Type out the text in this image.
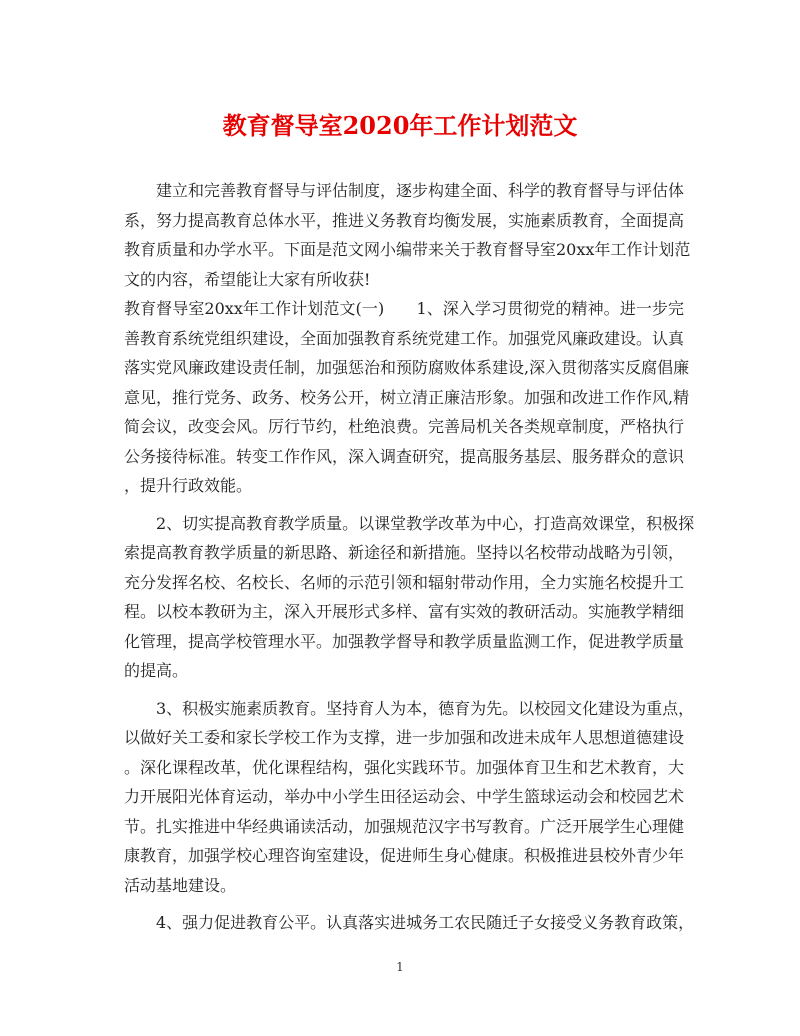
教育督导室2020年工作计划范文
建立和完善教育督导与评估制度，逐步构建全面、科学的教育督导与评估体
系，努力提高教育总体水平，推进义务教育均衡发展，实施素质教育，全面提高
教育质量和办学水平。下面是范文网小编带来关于教育督导室20xx年工作计划范
文的内容，希望能让大家有所收获!
教育督导室20xx年工作计划范文(一)　　1、深入学习贯彻党的精神。进一步完
善教育系统党组织建设，全面加强教育系统党建工作。加强党风廉政建设。认真
落实党风廉政建设责任制，加强惩治和预防腐败体系建设,深入贯彻落实反腐倡廉
意见，推行党务、政务、校务公开，树立清正廉洁形象。加强和改进工作作风,精
简会议，改变会风。厉行节约，杜绝浪费。完善局机关各类规章制度，严格执行
公务接待标准。转变工作作风，深入调查研究，提高服务基层、服务群众的意识
，提升行政效能。
2、切实提高教育教学质量。以课堂教学改革为中心，打造高效课堂，积极探
索提高教育教学质量的新思路、新途径和新措施。坚持以名校带动战略为引领，
充分发挥名校、名校长、名师的示范引领和辐射带动作用，全力实施名校提升工
程。以校本教研为主，深入开展形式多样、富有实效的教研活动。实施教学精细
化管理，提高学校管理水平。加强教学督导和教学质量监测工作，促进教学质量
的提高。
3、积极实施素质教育。坚持育人为本，德育为先。以校园文化建设为重点，
以做好关工委和家长学校工作为支撑，进一步加强和改进未成年人思想道德建设
。深化课程改革，优化课程结构，强化实践环节。加强体育卫生和艺术教育，大
力开展阳光体育运动，举办中小学生田径运动会、中学生篮球运动会和校园艺术
节。扎实推进中华经典诵读活动，加强规范汉字书写教育。广泛开展学生心理健
康教育，加强学校心理咨询室建设，促进师生身心健康。积极推进县校外青少年
活动基地建设。
4、强力促进教育公平。认真落实进城务工农民随迁子女接受义务教育政策，
1
